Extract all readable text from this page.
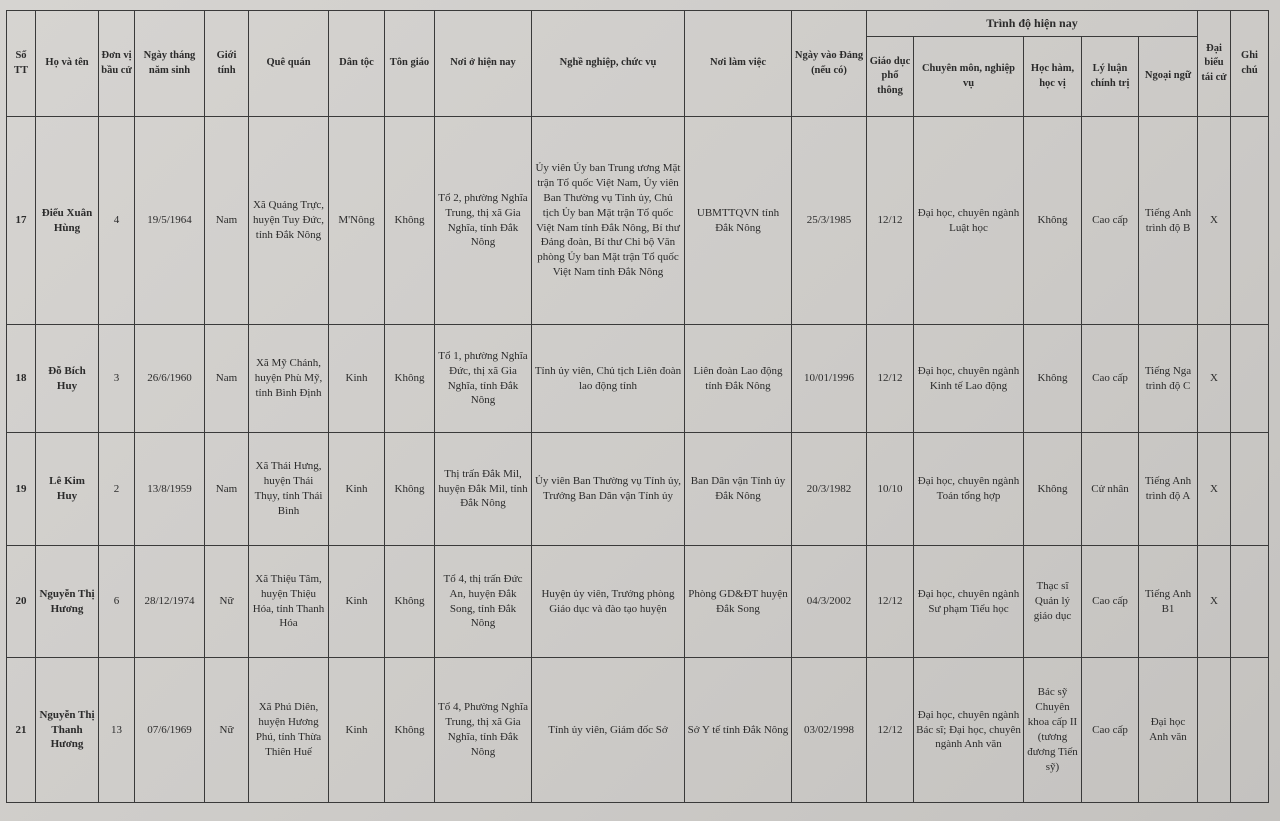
Số TT	Họ và tên	Đơn vị bầu cử	Ngày tháng năm sinh	Giới tính	Quê quán	Dân tộc	Tôn giáo	Nơi ở hiện nay	Nghề nghiệp, chức vụ	Nơi làm việc	Ngày vào Đảng (nếu có)	Trình độ hiện nay					Đại biểu tái cử	Ghi chú
												Giáo dục phổ thông	Chuyên môn, nghiệp vụ	Học hàm, học vị	Lý luận chính trị	Ngoại ngữ		
17	Điểu Xuân Hùng	4	19/5/1964	Nam	Xã Quảng Trực, huyện Tuy Đức, tỉnh Đắk Nông	M'Nông	Không	Tổ 2, phường Nghĩa Trung, thị xã Gia Nghĩa, tỉnh Đắk Nông	Ủy viên Ủy ban Trung ương Mặt trận Tổ quốc Việt Nam, Ủy viên Ban Thường vụ Tỉnh ủy, Chủ tịch Ủy ban Mặt trận Tổ quốc Việt Nam tỉnh Đắk Nông, Bí thư Đảng đoàn, Bí thư Chi bộ Văn phòng Ủy ban Mặt trận Tổ quốc Việt Nam tỉnh Đắk Nông	UBMTTQVN tỉnh Đắk Nông	25/3/1985	12/12	Đại học, chuyên ngành Luật học	Không	Cao cấp	Tiếng Anh trình độ B	X	
18	Đỗ Bích Huy	3	26/6/1960	Nam	Xã Mỹ Chánh, huyện Phù Mỹ, tỉnh Bình Định	Kinh	Không	Tổ 1, phường Nghĩa Đức, thị xã Gia Nghĩa, tỉnh Đắk Nông	Tỉnh ủy viên, Chủ tịch Liên đoàn lao động tỉnh	Liên đoàn Lao động tỉnh Đắk Nông	10/01/1996	12/12	Đại học, chuyên ngành Kinh tế Lao động	Không	Cao cấp	Tiếng Nga trình độ C	X	
19	Lê Kim Huy	2	13/8/1959	Nam	Xã Thái Hưng, huyện Thái Thụy, tỉnh Thái Bình	Kinh	Không	Thị trấn Đắk Mil, huyện Đắk Mil, tỉnh Đắk Nông	Ủy viên Ban Thường vụ Tỉnh ủy, Trưởng Ban Dân vận Tỉnh ủy	Ban Dân vận Tỉnh ủy Đắk Nông	20/3/1982	10/10	Đại học, chuyên ngành Toán tổng hợp	Không	Cử nhân	Tiếng Anh trình độ A	X	
20	Nguyễn Thị Hương	6	28/12/1974	Nữ	Xã Thiệu Tâm, huyện Thiệu Hóa, tỉnh Thanh Hóa	Kinh	Không	Tổ 4, thị trấn Đức An, huyện Đắk Song, tỉnh Đắk Nông	Huyện ủy viên, Trưởng phòng Giáo dục và đào tạo huyện	Phòng GD&ĐT huyện Đắk Song	04/3/2002	12/12	Đại học, chuyên ngành Sư phạm Tiểu học	Thạc sĩ Quản lý giáo dục	Cao cấp	Tiếng Anh B1	X	
21	Nguyễn Thị Thanh Hương	13	07/6/1969	Nữ	Xã Phú Diên, huyện Hương Phú, tỉnh Thừa Thiên Huế	Kinh	Không	Tổ 4, Phường Nghĩa Trung, thị xã Gia Nghĩa, tỉnh Đắk Nông	Tỉnh ủy viên, Giám đốc Sở	Sở Y tế tỉnh Đắk Nông	03/02/1998	12/12	Đại học, chuyên ngành Bác sĩ; Đại học, chuyên ngành Anh văn	Bác sỹ Chuyên khoa cấp II (tương đương Tiến sỹ)	Cao cấp	Đại học Anh văn		
